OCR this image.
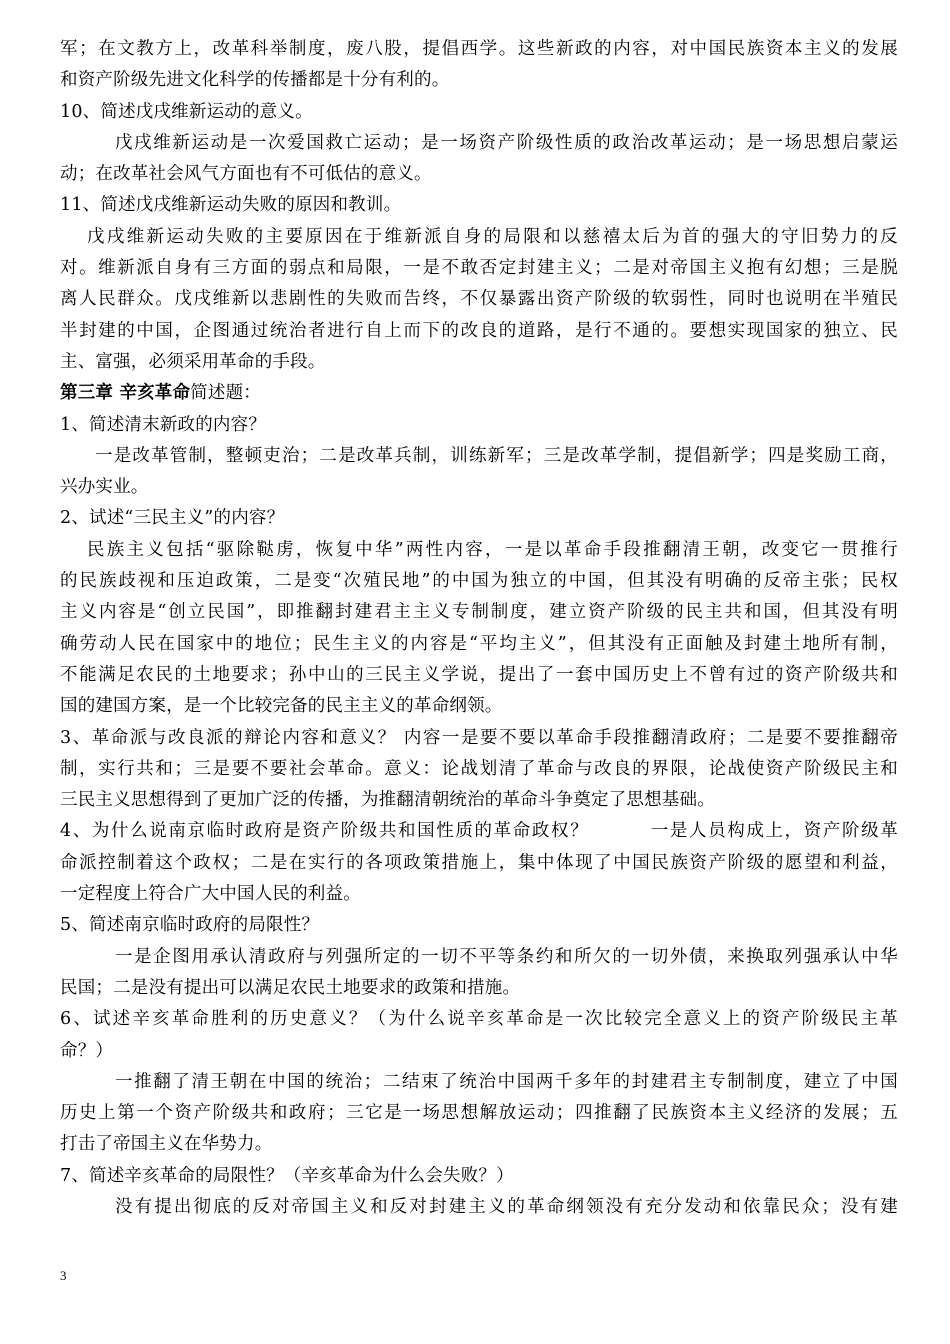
军；在文教方上，改革科举制度，废八股，提倡西学。这些新政的内容，对中国民族资本主义的发展
和资产阶级先进文化科学的传播都是十分有利的。
10、简述戊戌维新运动的意义。
戊戌维新运动是一次爱国救亡运动；是一场资产阶级性质的政治改革运动；是一场思想启蒙运
动；在改革社会风气方面也有不可低估的意义。
11、简述戊戌维新运动失败的原因和教训。
戊戌维新运动失败的主要原因在于维新派自身的局限和以慈禧太后为首的强大的守旧势力的反
对。维新派自身有三方面的弱点和局限，一是不敢否定封建主义；二是对帝国主义抱有幻想；三是脱
离人民群众。戊戌维新以悲剧性的失败而告终，不仅暴露出资产阶级的软弱性，同时也说明在半殖民
半封建的中国，企图通过统治者进行自上而下的改良的道路，是行不通的。要想实现国家的独立、民
主、富强，必须采用革命的手段。
第三章 辛亥革命简述题：
1、简述清末新政的内容？
一是改革管制，整顿吏治；二是改革兵制，训练新军；三是改革学制，提倡新学；四是奖励工商，
兴办实业。
2、试述“三民主义”的内容？
民族主义包括“驱除鞑虏，恢复中华”两性内容，一是以革命手段推翻清王朝，改变它一贯推行
的民族歧视和压迫政策，二是变“次殖民地”的中国为独立的中国，但其没有明确的反帝主张；民权
主义内容是“创立民国”，即推翻封建君主主义专制制度，建立资产阶级的民主共和国，但其没有明
确劳动人民在国家中的地位；民生主义的内容是“平均主义”，但其没有正面触及封建土地所有制，
不能满足农民的土地要求；孙中山的三民主义学说，提出了一套中国历史上不曾有过的资产阶级共和
国的建国方案，是一个比较完备的民主主义的革命纲领。
3、革命派与改良派的辩论内容和意义？ 内容一是要不要以革命手段推翻清政府；二是要不要推翻帝
制，实行共和；三是要不要社会革命。意义：论战划清了革命与改良的界限，论战使资产阶级民主和
三民主义思想得到了更加广泛的传播，为推翻清朝统治的革命斗争奠定了思想基础。
4、为什么说南京临时政府是资产阶级共和国性质的革命政权？	一是人员构成上，资产阶级革
命派控制着这个政权；二是在实行的各项政策措施上，集中体现了中国民族资产阶级的愿望和利益，
一定程度上符合广大中国人民的利益。
5、简述南京临时政府的局限性？
一是企图用承认清政府与列强所定的一切不平等条约和所欠的一切外债，来换取列强承认中华
民国；二是没有提出可以满足农民土地要求的政策和措施。
6、试述辛亥革命胜利的历史意义？（为什么说辛亥革命是一次比较完全意义上的资产阶级民主革
命？）
一推翻了清王朝在中国的统治；二结束了统治中国两千多年的封建君主专制制度，建立了中国
历史上第一个资产阶级共和政府；三它是一场思想解放运动；四推翻了民族资本主义经济的发展；五
打击了帝国主义在华势力。
7、简述辛亥革命的局限性？（辛亥革命为什么会失败？）
没有提出彻底的反对帝国主义和反对封建主义的革命纲领没有充分发动和依靠民众；没有建
3
